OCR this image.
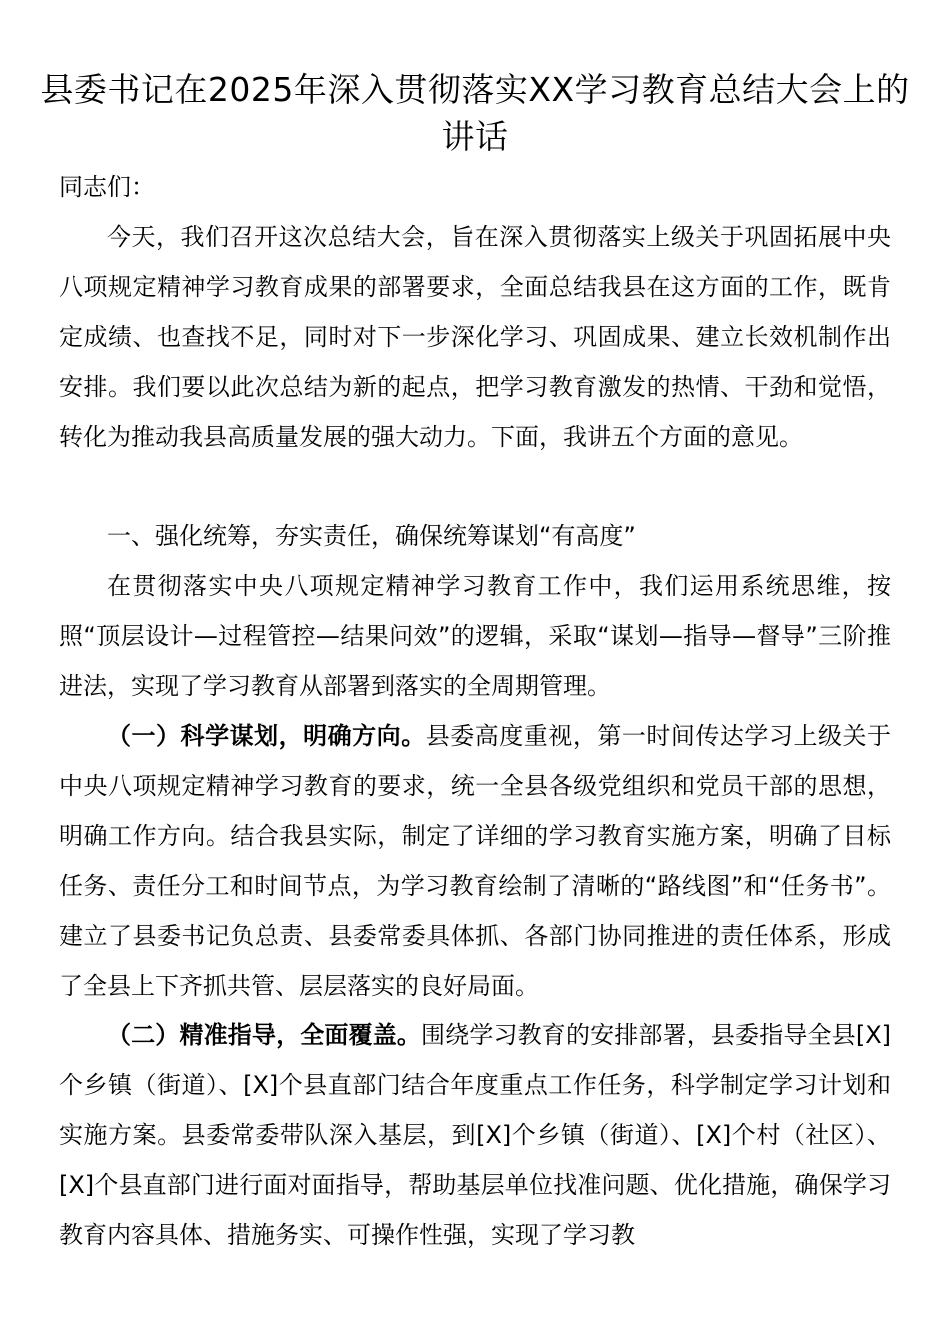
县委书记在2025年深入贯彻落实XX学习教育总结大会上的讲话
同志们：
今天，我们召开这次总结大会，旨在深入贯彻落实上级关于巩固拓展中央八项规定精神学习教育成果的部署要求，全面总结我县在这方面的工作，既肯定成绩、也查找不足，同时对下一步深化学习、巩固成果、建立长效机制作出安排。我们要以此次总结为新的起点，把学习教育激发的热情、干劲和觉悟，转化为推动我县高质量发展的强大动力。下面，我讲五个方面的意见。
一、强化统筹，夯实责任，确保统筹谋划“有高度”
在贯彻落实中央八项规定精神学习教育工作中，我们运用系统思维，按照“顶层设计—过程管控—结果问效”的逻辑，采取“谋划—指导—督导”三阶推进法，实现了学习教育从部署到落实的全周期管理。
（一）科学谋划，明确方向。县委高度重视，第一时间传达学习上级关于中央八项规定精神学习教育的要求，统一全县各级党组织和党员干部的思想，明确工作方向。结合我县实际，制定了详细的学习教育实施方案，明确了目标任务、责任分工和时间节点，为学习教育绘制了清晰的“路线图”和“任务书”。建立了县委书记负总责、县委常委具体抓、各部门协同推进的责任体系，形成了全县上下齐抓共管、层层落实的良好局面。
（二）精准指导，全面覆盖。围绕学习教育的安排部署，县委指导全县[X]个乡镇（街道）、[X]个县直部门结合年度重点工作任务，科学制定学习计划和实施方案。县委常委带队深入基层，到[X]个乡镇（街道）、[X]个村（社区）、[X]个县直部门进行面对面指导，帮助基层单位找准问题、优化措施，确保学习教育内容具体、措施务实、可操作性强，实现了学习教
